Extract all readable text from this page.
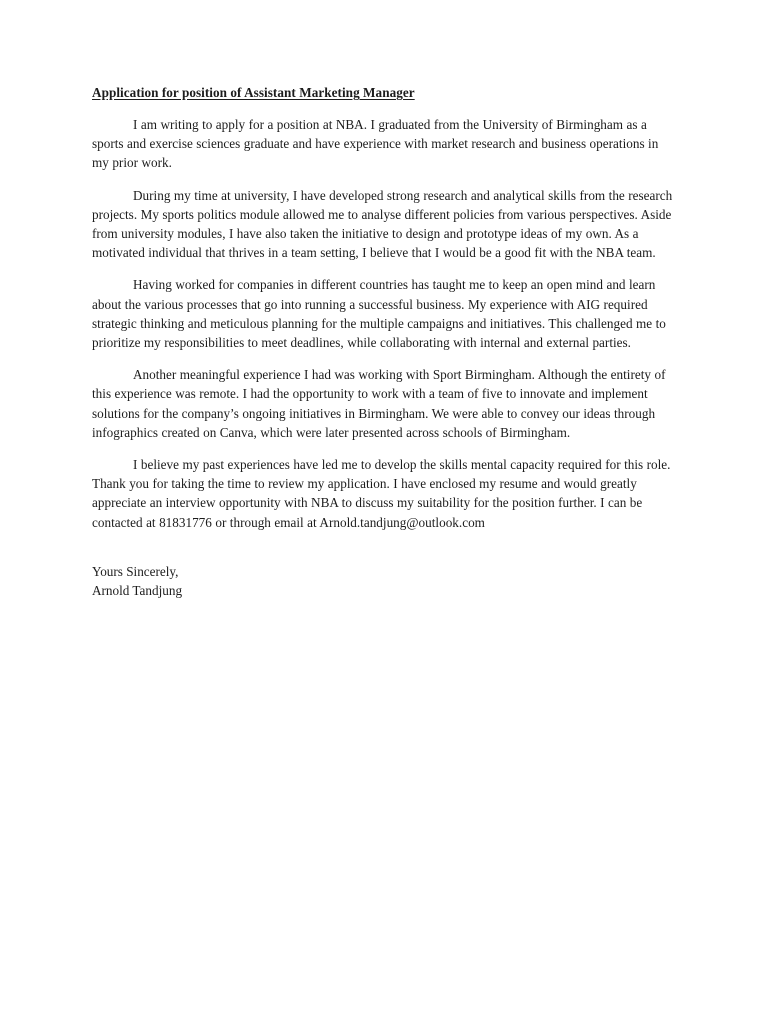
Application for position of Assistant Marketing Manager

I am writing to apply for a position at NBA. I graduated from the University of Birmingham as a sports and exercise sciences graduate and have experience with market research and business operations in my prior work.

During my time at university, I have developed strong research and analytical skills from the research projects. My sports politics module allowed me to analyse different policies from various perspectives. Aside from university modules, I have also taken the initiative to design and prototype ideas of my own. As a motivated individual that thrives in a team setting, I believe that I would be a good fit with the NBA team.

Having worked for companies in different countries has taught me to keep an open mind and learn about the various processes that go into running a successful business. My experience with AIG required strategic thinking and meticulous planning for the multiple campaigns and initiatives. This challenged me to prioritize my responsibilities to meet deadlines, while collaborating with internal and external parties.

Another meaningful experience I had was working with Sport Birmingham. Although the entirety of this experience was remote. I had the opportunity to work with a team of five to innovate and implement solutions for the company’s ongoing initiatives in Birmingham. We were able to convey our ideas through infographics created on Canva, which were later presented across schools of Birmingham.

I believe my past experiences have led me to develop the skills mental capacity required for this role. Thank you for taking the time to review my application. I have enclosed my resume and would greatly appreciate an interview opportunity with NBA to discuss my suitability for the position further. I can be contacted at 81831776 or through email at Arnold.tandjung@outlook.com

Yours Sincerely,

Arnold Tandjung
